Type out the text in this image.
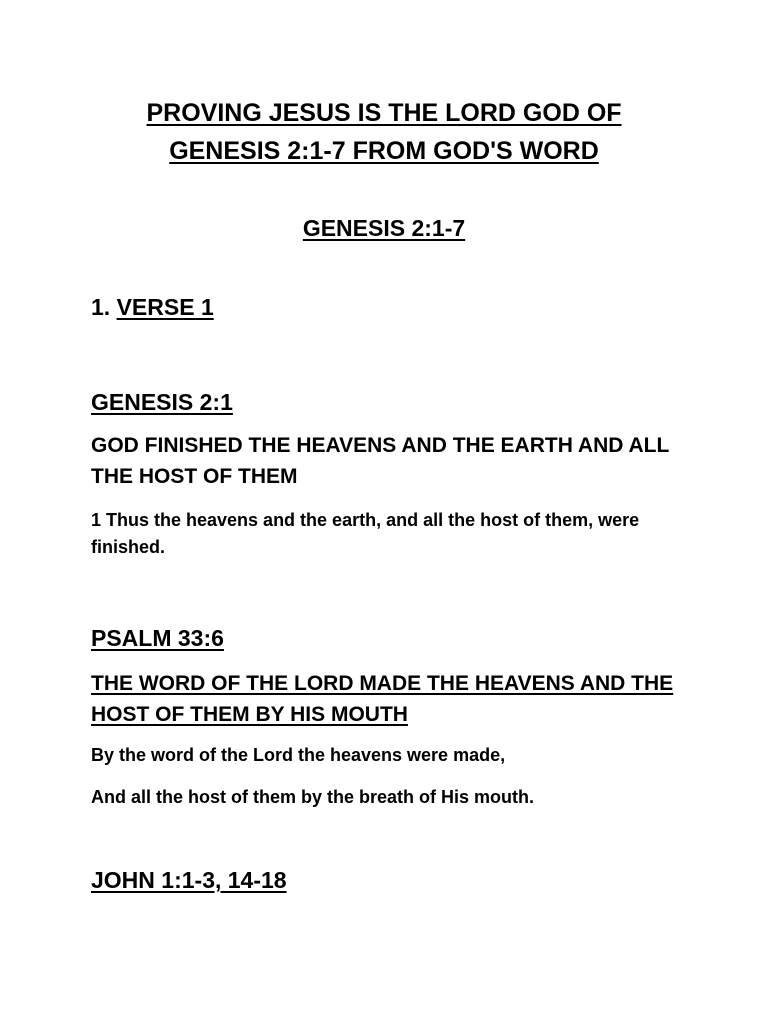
PROVING JESUS IS THE LORD GOD OF
GENESIS 2:1-7 FROM GOD'S WORD
GENESIS 2:1-7
1. VERSE 1
GENESIS 2:1
GOD FINISHED THE HEAVENS AND THE EARTH AND ALL THE HOST OF THEM
1 Thus the heavens and the earth, and all the host of them, were finished.
PSALM 33:6
THE WORD OF THE LORD MADE THE HEAVENS AND THE HOST OF THEM BY HIS MOUTH
By the word of the Lord the heavens were made,
And all the host of them by the breath of His mouth.
JOHN 1:1-3, 14-18
